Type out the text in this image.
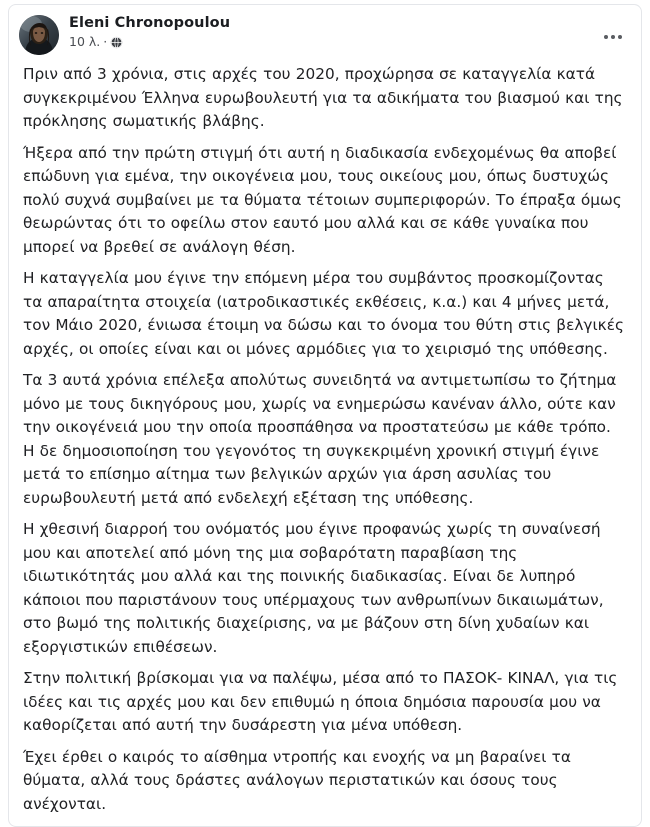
Eleni Chronopoulou
10 λ. ·

Πριν από 3 χρόνια, στις αρχές του 2020, προχώρησα σε καταγγελία κατά συγκεκριμένου Έλληνα ευρωβουλευτή για τα αδικήματα του βιασμού και της πρόκλησης σωματικής βλάβης.

Ήξερα από την πρώτη στιγμή ότι αυτή η διαδικασία ενδεχομένως θα αποβεί επώδυνη για εμένα, την οικογένεια μου, τους οικείους μου, όπως δυστυχώς πολύ συχνά συμβαίνει με τα θύματα τέτοιων συμπεριφορών. Το έπραξα όμως θεωρώντας ότι το οφείλω στον εαυτό μου αλλά και σε κάθε γυναίκα που μπορεί να βρεθεί σε ανάλογη θέση.

Η καταγγελία μου έγινε την επόμενη μέρα του συμβάντος προσκομίζοντας τα απαραίτητα στοιχεία (ιατροδικαστικές εκθέσεις, κ.α.) και 4 μήνες μετά, τον Μάιο 2020, ένιωσα έτοιμη να δώσω και το όνομα του θύτη στις βελγικές αρχές, οι οποίες είναι και οι μόνες αρμόδιες για το χειρισμό της υπόθεσης.

Τα 3 αυτά χρόνια επέλεξα απολύτως συνειδητά να αντιμετωπίσω το ζήτημα μόνο με τους δικηγόρους μου, χωρίς να ενημερώσω κανέναν άλλο, ούτε καν την οικογένειά μου την οποία προσπάθησα να προστατεύσω με κάθε τρόπο. Η δε δημοσιοποίηση του γεγονότος τη συγκεκριμένη χρονική στιγμή έγινε μετά το επίσημο αίτημα των βελγικών αρχών για άρση ασυλίας του ευρωβουλευτή μετά από ενδελεχή εξέταση της υπόθεσης.

Η χθεσινή διαρροή του ονόματός μου έγινε προφανώς χωρίς τη συναίνεσή μου και αποτελεί από μόνη της μια σοβαρότατη παραβίαση της ιδιωτικότητάς μου αλλά και της ποινικής διαδικασίας. Είναι δε λυπηρό κάποιοι που παριστάνουν τους υπέρμαχους των ανθρωπίνων δικαιωμάτων, στο βωμό της πολιτικής διαχείρισης, να με βάζουν στη δίνη χυδαίων και εξοργιστικών επιθέσεων.

Στην πολιτική βρίσκομαι για να παλέψω, μέσα από το ΠΑΣΟΚ- ΚΙΝΑΛ, για τις ιδέες και τις αρχές μου και δεν επιθυμώ η όποια δημόσια παρουσία μου να καθορίζεται από αυτή την δυσάρεστη για μένα υπόθεση.

Έχει έρθει ο καιρός το αίσθημα ντροπής και ενοχής να μη βαραίνει τα θύματα, αλλά τους δράστες ανάλογων περιστατικών και όσους τους ανέχονται.
